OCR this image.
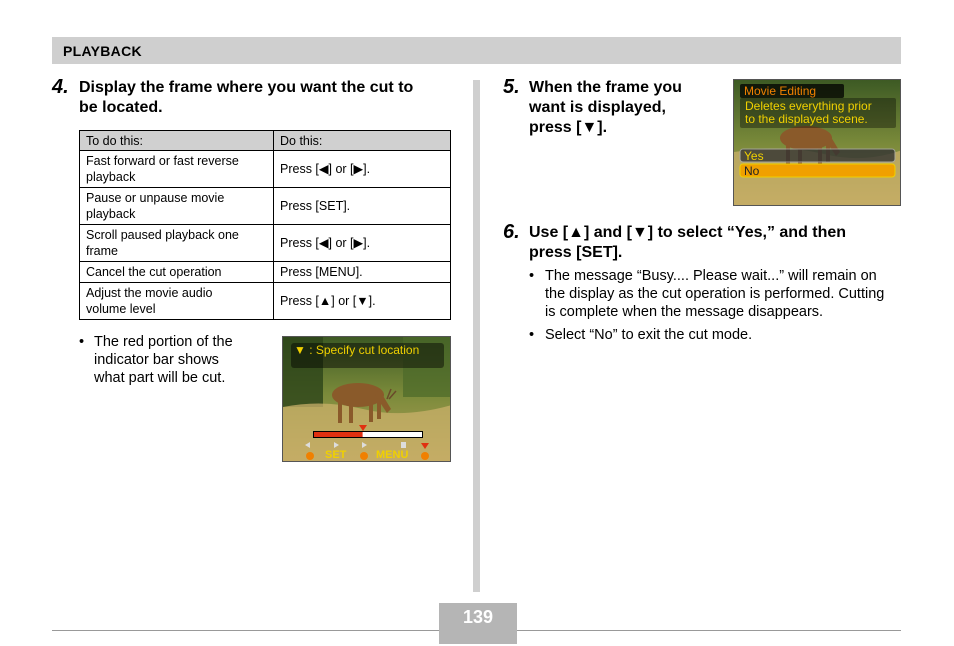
PLAYBACK
4. Display the frame where you want the cut to
be located.
To do this:	Do this:

Fast forward or fast reverse
playback	Press [◀] or [▶].

Pause or unpause movie
playback	Press [SET].

Scroll paused playback one
frame	Press [◀] or [▶].

Cancel the cut operation	Press [MENU].

Adjust the movie audio
volume level	Press [▲] or [▼].
• The red portion of the
indicator bar shows
what part will be cut.
▼ : Specify cut location
SET	MENU
5. When the frame you
want is displayed,
press [▼].
Movie Editing
Deletes everything prior
to the displayed scene.
Yes
No
6. Use [▲] and [▼] to select “Yes,” and then
press [SET].
• The message “Busy.... Please wait...” will remain on
the display as the cut operation is performed. Cutting
is complete when the message disappears.
• Select “No” to exit the cut mode.
139
